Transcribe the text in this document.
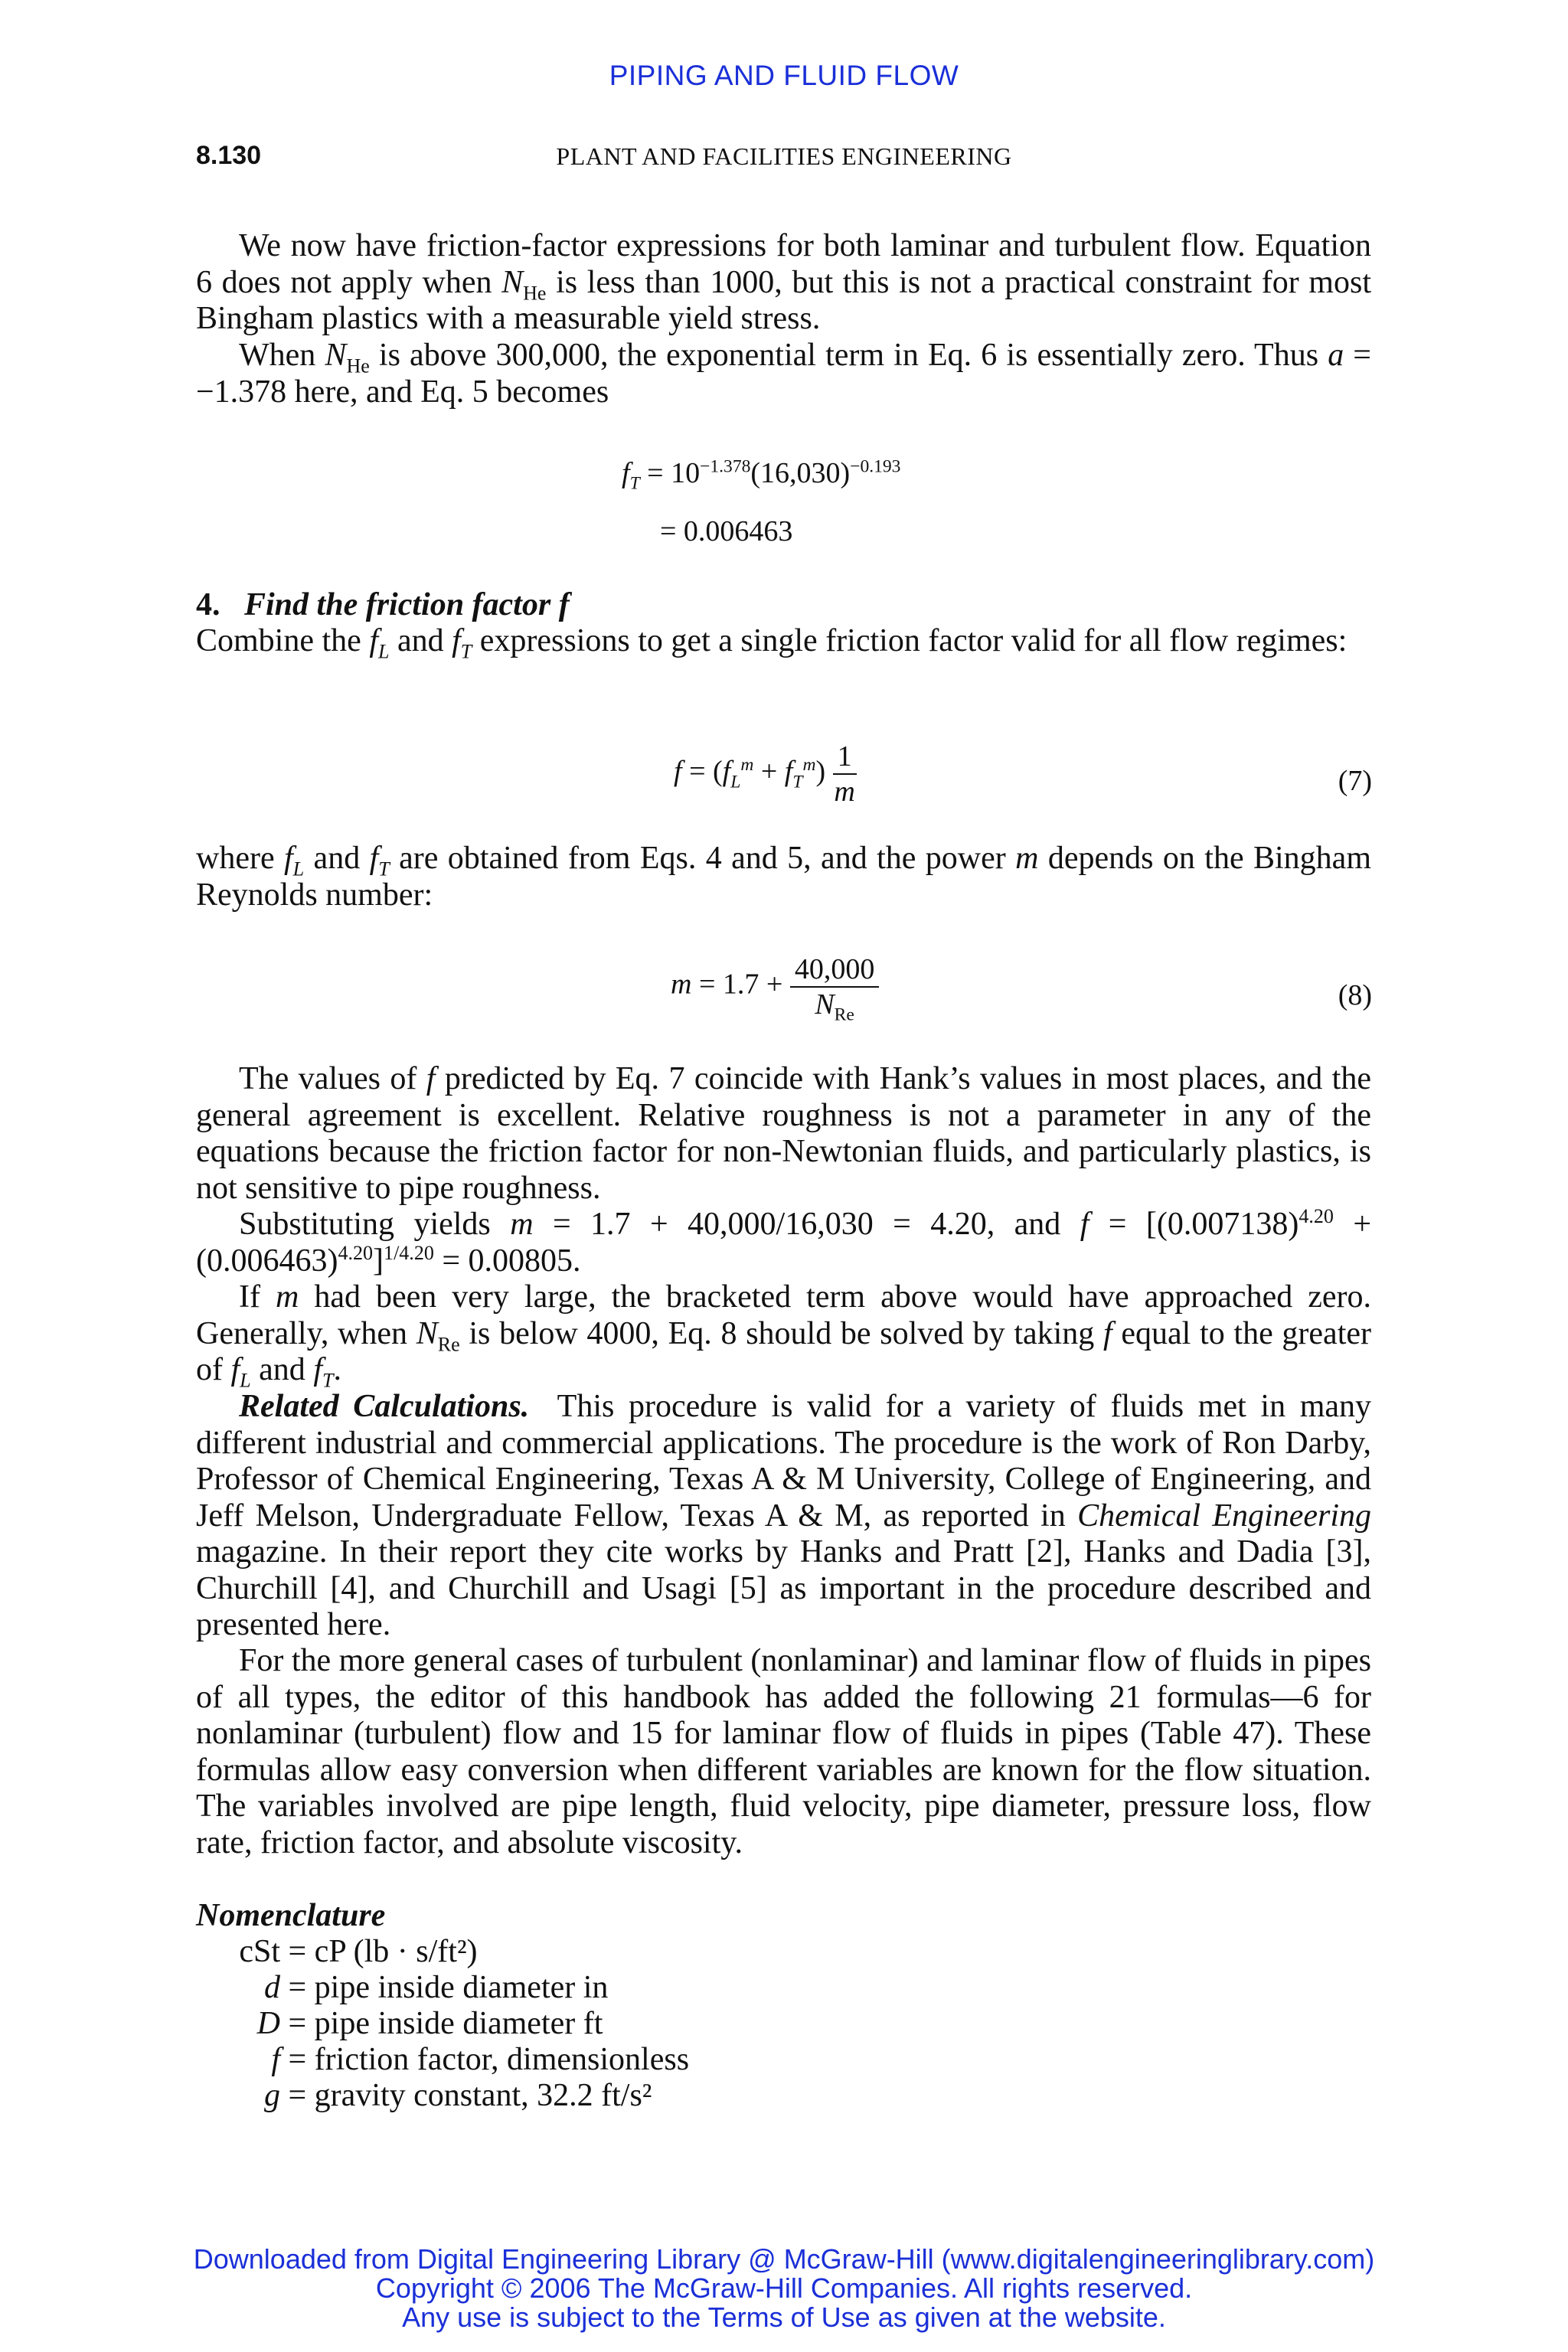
PIPING AND FLUID FLOW
8.130	PLANT AND FACILITIES ENGINEERING

We now have friction-factor expressions for both laminar and turbulent flow. Equation 6 does not apply when $N_{He}$ is less than 1000, but this is not a practical constraint for most Bingham plastics with a measurable yield stress.

When $N_{He}$ is above 300,000, the exponential term in Eq. 6 is essentially zero. Thus a = −1.378 here, and Eq. 5 becomes

$f_T = 10^{-1.378}(16,030)^{-0.193}$
= 0.006463
4. Find the friction factor f

Combine the $f_L$ and $f_T$ expressions to get a single friction factor valid for all flow regimes:

$f = (f_L^m + f_T^m) \frac{1}{m}$	(7)

where $f_L$ and $f_T$ are obtained from Eqs. 4 and 5, and the power m depends on the Bingham Reynolds number:

$m = 1.7 + \frac{40,000}{N_{Re}}$	(8)

The values of f predicted by Eq. 7 coincide with Hank’s values in most places, and the general agreement is excellent. Relative roughness is not a parameter in any of the equations because the friction factor for non-Newtonian fluids, and particularly plastics, is not sensitive to pipe roughness.

Substituting yields m = 1.7 + 40,000/16,030 = 4.20, and $f = [(0.007138)^{4.20} + (0.006463)^{4.20}]^{1/4.20} = 0.00805$.

If m had been very large, the bracketed term above would have approached zero. Generally, when $N_{Re}$ is below 4000, Eq. 8 should be solved by taking f equal to the greater of $f_L$ and $f_T$.

Related Calculations.  This procedure is valid for a variety of fluids met in many different industrial and commercial applications. The procedure is the work of Ron Darby, Professor of Chemical Engineering, Texas A & M University, College of Engineering, and Jeff Melson, Undergraduate Fellow, Texas A & M, as reported in Chemical Engineering magazine. In their report they cite works by Hanks and Pratt [2], Hanks and Dadia [3], Churchill [4], and Churchill and Usagi [5] as important in the procedure described and presented here.

For the more general cases of turbulent (nonlaminar) and laminar flow of fluids in pipes of all types, the editor of this handbook has added the following 21 formulas—6 for nonlaminar (turbulent) flow and 15 for laminar flow of fluids in pipes (Table 47). These formulas allow easy conversion when different variables are known for the flow situation. The variables involved are pipe length, fluid velocity, pipe diameter, pressure loss, flow rate, friction factor, and absolute viscosity.

Nomenclature
cSt = cP (lb · s/ft²)
d = pipe inside diameter in
D = pipe inside diameter ft
f = friction factor, dimensionless
g = gravity constant, 32.2 ft/s²
Downloaded from Digital Engineering Library @ McGraw-Hill (www.digitalengineeringlibrary.com)
Copyright © 2006 The McGraw-Hill Companies. All rights reserved.
Any use is subject to the Terms of Use as given at the website.
